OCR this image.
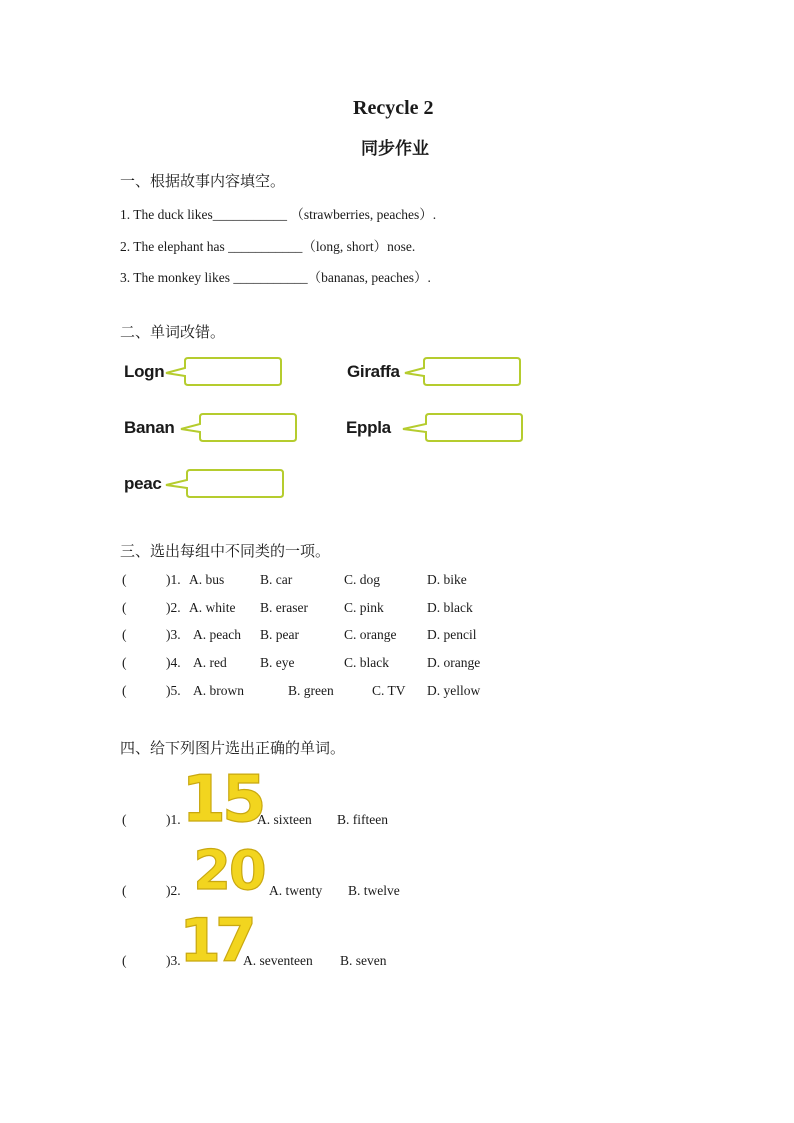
Recycle 2
同步作业
一、根据故事内容填空。
1. The duck likes___________ （strawberries, peaches）.
2. The elephant has ___________（long, short）nose.
3. The monkey likes ___________（bananas, peaches）.
二、单词改错。
Logn	Giraffa
Banan	Eppla
peac
三、选出每组中不同类的一项。
(	)1. A. bus	B. car	C. dog	D. bike
(	)2. A. white B. eraser	C. pink	D. black
(	)3. A. peach B. pear	C. orange D. pencil
(	)4. A. red B. eye	C. black	D. orange
(	)5. A. brown	B. green	C. TV D. yellow
四、给下列图片选出正确的单词。
(	)1. 15
A. sixteen B. fifteen
(	)2. 20 A. twenty B. twelve
(	)3.
17
A. seventeen B. seven
